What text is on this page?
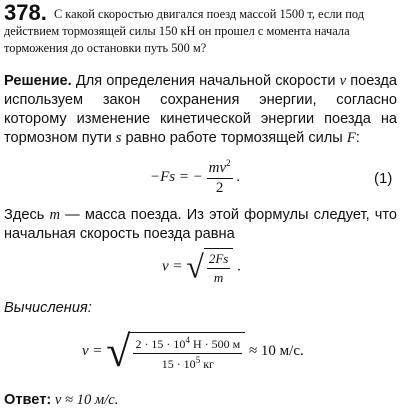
378. С какой скоростью двигался поезд массой 1500 т, если под действием тормозящей силы 150 кН он прошел с момента начала торможения до остановки путь 500 м?
Решение. Для определения начальной скорости v поезда используем закон сохранения энергии, согласно которому изменение кинетической энергии поезда на тормозном пути s равно работе тормозящей силы F:
−Fs = − $\frac{mv^2}{2}$ .	(1)
Здесь m — масса поезда. Из этой формулы следует, что начальная скорость поезда равна
v = √ $\frac{2Fs}{m}$ .
Вычисления:
v = √ $\frac{2 \cdot 15 \cdot 10^4 Н \cdot 500 м}{15 \cdot 10^5 кг} \approx 10$ м/с.
Ответ: v ≈ 10 м/с.
